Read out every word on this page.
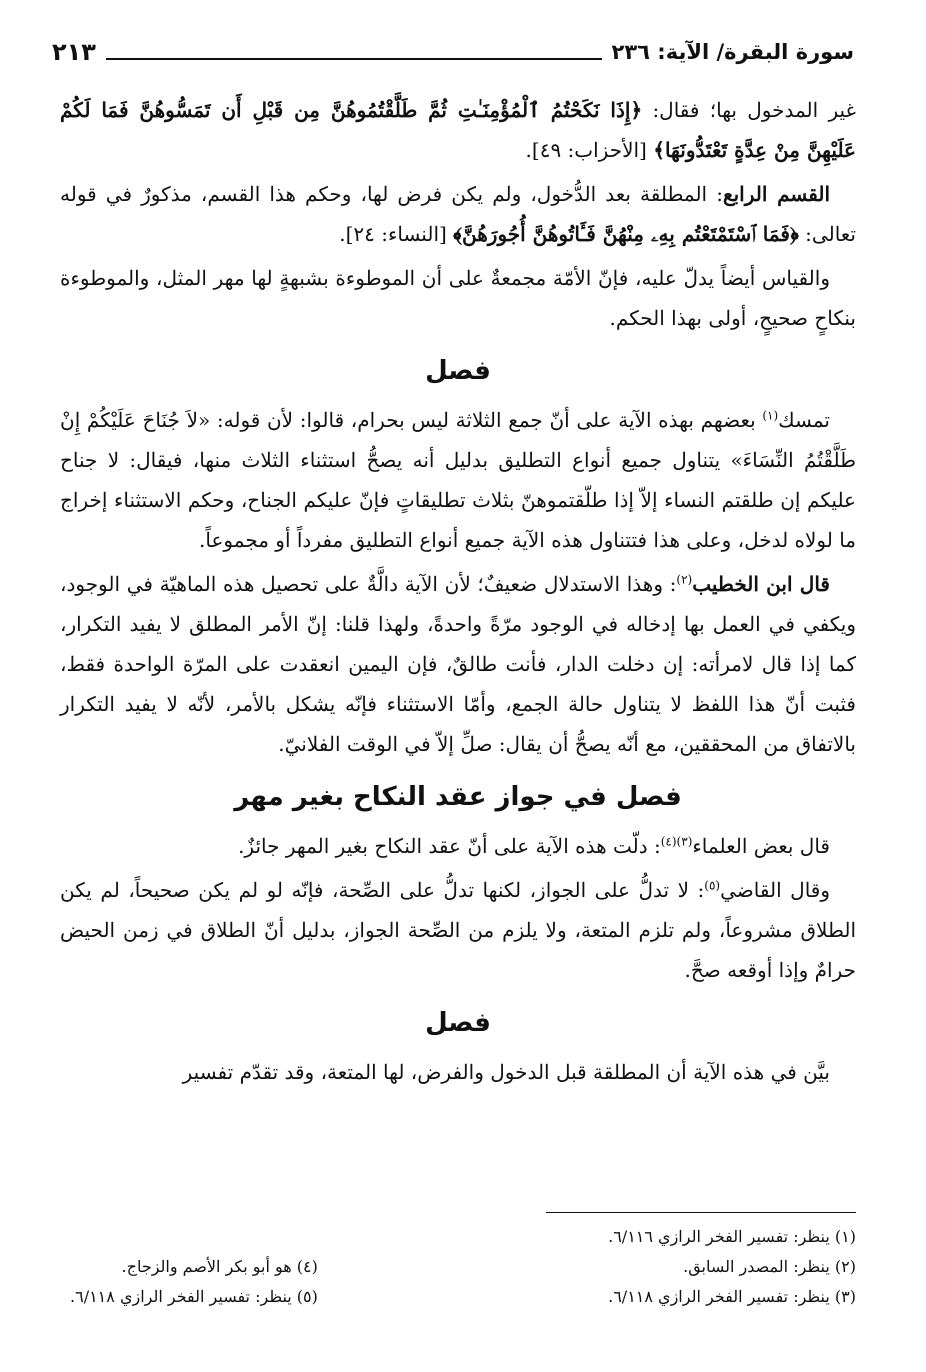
سورة البقرة/ الآية: ٢٣٦
٢١٣

غير المدخول بها؛ فقال: ﴿إِذَا نَكَحْتُمُ ٱلْمُؤْمِنَـٰتِ ثُمَّ طَلَّقْتُمُوهُنَّ مِن قَبْلِ أَن تَمَسُّوهُنَّ فَمَا لَكُمْ عَلَيْهِنَّ مِنْ عِدَّةٍ تَعْتَدُّونَهَا﴾ [الأحزاب: ٤٩].

القسم الرابع: المطلقة بعد الدُّخول، ولم يكن فرض لها، وحكم هذا القسم، مذكورٌ في قوله تعالى: ﴿فَمَا ٱسْتَمْتَعْتُم بِهِۦ مِنْهُنَّ فَـَٔاتُوهُنَّ أُجُورَهُنَّ﴾ [النساء: ٢٤].

والقياس أيضاً يدلّ عليه، فإنّ الأمّة مجمعةٌ على أن الموطوءة بشبهةٍ لها مهر المثل، والموطوءة بنكاحٍ صحيحٍ، أولى بهذا الحكم.

فصل

تمسك$^{(١)}$ بعضهم بهذه الآية على أنّ جمع الثلاثة ليس بحرام، قالوا: لأن قوله: «لاَ جُنَاحَ عَلَيْكُمْ إِنْ طَلَّقْتُمُ النِّسَاءَ» يتناول جميع أنواع التطليق بدليل أنه يصحُّ استثناء الثلاث منها، فيقال: لا جناح عليكم إن طلقتم النساء إلاّ إذا طلّقتموهنّ بثلاث تطليقاتٍ فإنّ عليكم الجناح، وحكم الاستثناء إخراج ما لولاه لدخل، وعلى هذا فتتناول هذه الآية جميع أنواع التطليق مفرداً أو مجموعاً.

قال ابن الخطيب$^{(٢)}$: وهذا الاستدلال ضعيفٌ؛ لأن الآية دالَّةٌ على تحصيل هذه الماهيّة في الوجود، ويكفي في العمل بها إدخاله في الوجود مرّةً واحدةً، ولهذا قلنا: إنّ الأمر المطلق لا يفيد التكرار، كما إذا قال لامرأته: إن دخلت الدار، فأنت طالقٌ، فإن اليمين انعقدت على المرّة الواحدة فقط، فثبت أنّ هذا اللفظ لا يتناول حالة الجمع، وأمّا الاستثناء فإنّه يشكل بالأمر، لأنّه لا يفيد التكرار بالاتفاق من المحققين، مع أنّه يصحُّ أن يقال: صلِّ إلاّ في الوقت الفلانيّ.

فصل في جواز عقد النكاح بغير مهر

قال بعض العلماء$^{(٣)(٤)}$: دلّت هذه الآية على أنّ عقد النكاح بغير المهر جائزٌ.

وقال القاضي$^{(٥)}$: لا تدلُّ على الجواز، لكنها تدلُّ على الصِّحة، فإنّه لو لم يكن صحيحاً، لم يكن الطلاق مشروعاً، ولم تلزم المتعة، ولا يلزم من الصِّحة الجواز، بدليل أنّ الطلاق في زمن الحيض حرامٌ وإذا أوقعه صحَّ.

فصل

بيَّن في هذه الآية أن المطلقة قبل الدخول والفرض، لها المتعة، وقد تقدّم تفسير

(١) ينظر: تفسير الفخر الرازي ٦/١١٦.
(٢) ينظر: المصدر السابق.
(٣) ينظر: تفسير الفخر الرازي ٦/١١٨.
(٤) هو أبو بكر الأصم والزجاج.
(٥) ينظر: تفسير الفخر الرازي ٦/١١٨.
